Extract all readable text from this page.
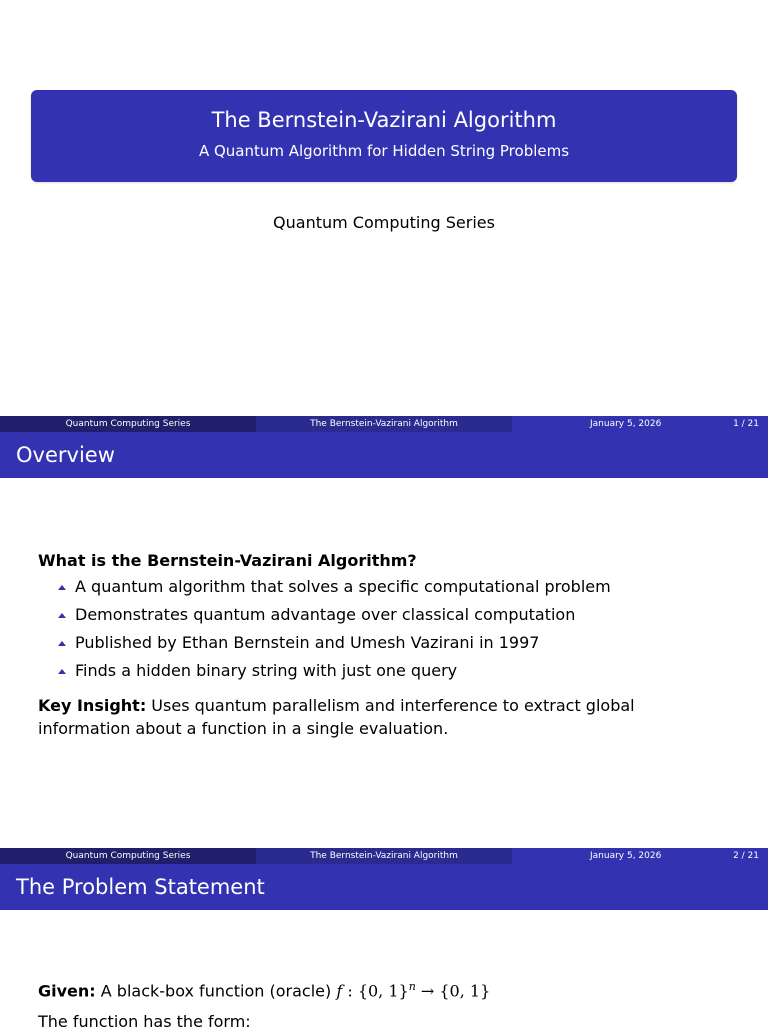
The Bernstein-Vazirani Algorithm
A Quantum Algorithm for Hidden String Problems
Quantum Computing Series
Quantum Computing Series	The Bernstein-Vazirani Algorithm	January 5, 2026	1 / 21
Overview
What is the Bernstein-Vazirani Algorithm?
A quantum algorithm that solves a specific computational problem
Demonstrates quantum advantage over classical computation
Published by Ethan Bernstein and Umesh Vazirani in 1997
Finds a hidden binary string with just one query
Key Insight: Uses quantum parallelism and interference to extract global information about a function in a single evaluation.
Quantum Computing Series	The Bernstein-Vazirani Algorithm	January 5, 2026	2 / 21
The Problem Statement
Given: A black-box function (oracle) f : {0, 1}$^n$ → {0, 1}
The function has the form:
